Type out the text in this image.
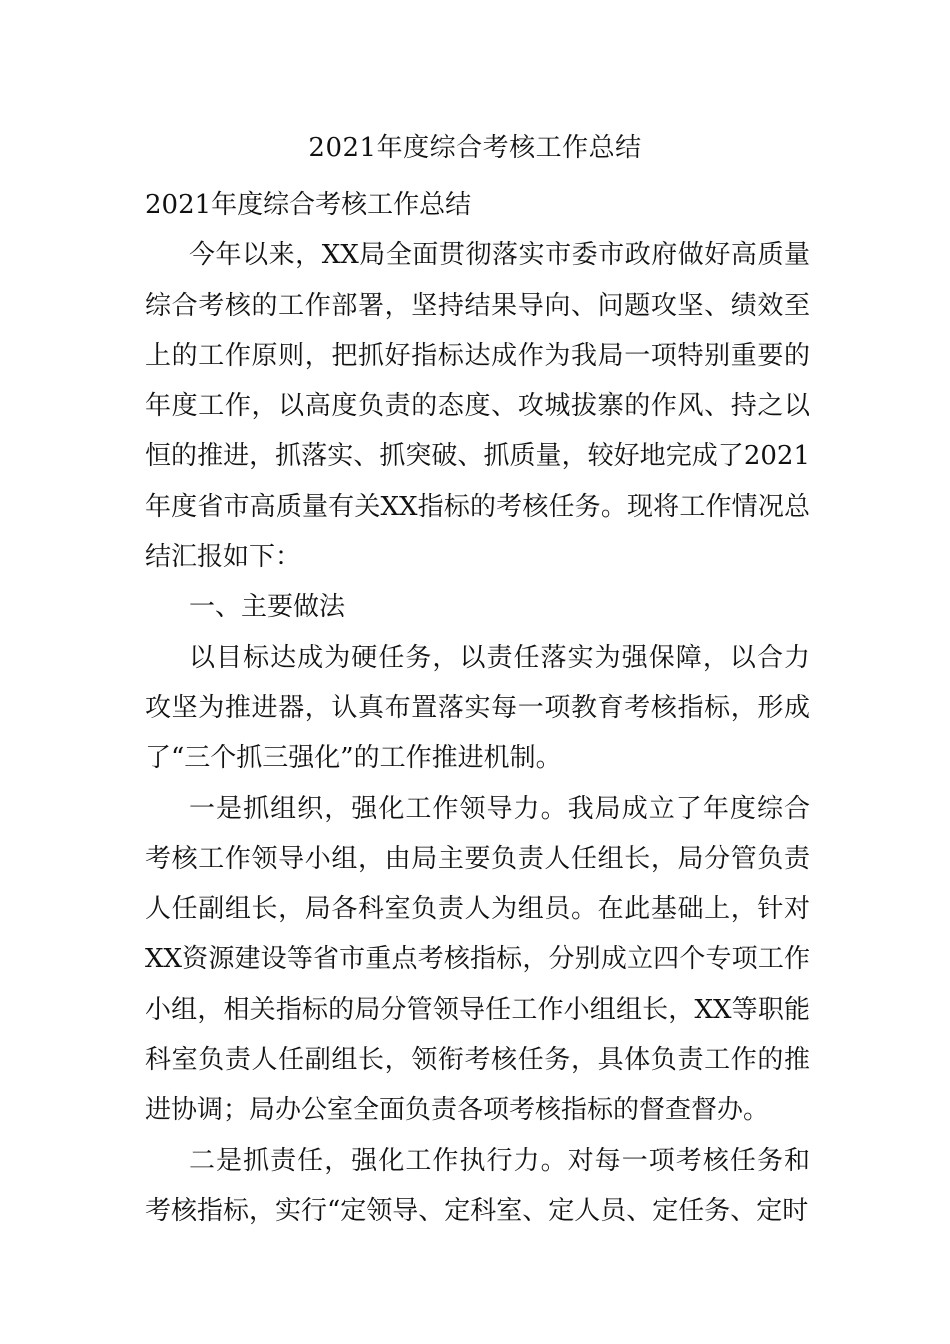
2021年度综合考核工作总结

2021年度综合考核工作总结

今年以来，XX局全面贯彻落实市委市政府做好高质量综合考核的工作部署，坚持结果导向、问题攻坚、绩效至上的工作原则，把抓好指标达成作为我局一项特别重要的年度工作，以高度负责的态度、攻城拔寨的作风、持之以恒的推进，抓落实、抓突破、抓质量，较好地完成了2021年度省市高质量有关XX指标的考核任务。现将工作情况总结汇报如下：

一、主要做法

以目标达成为硬任务，以责任落实为强保障，以合力攻坚为推进器，认真布置落实每一项教育考核指标，形成了“三个抓三强化”的工作推进机制。

一是抓组织，强化工作领导力。我局成立了年度综合考核工作领导小组，由局主要负责人任组长，局分管负责人任副组长，局各科室负责人为组员。在此基础上，针对XX资源建设等省市重点考核指标，分别成立四个专项工作小组，相关指标的局分管领导任工作小组组长，XX等职能科室负责人任副组长，领衔考核任务，具体负责工作的推进协调；局办公室全面负责各项考核指标的督查督办。

二是抓责任，强化工作执行力。对每一项考核任务和考核指标，实行“定领导、定科室、定人员、定任务、定时
